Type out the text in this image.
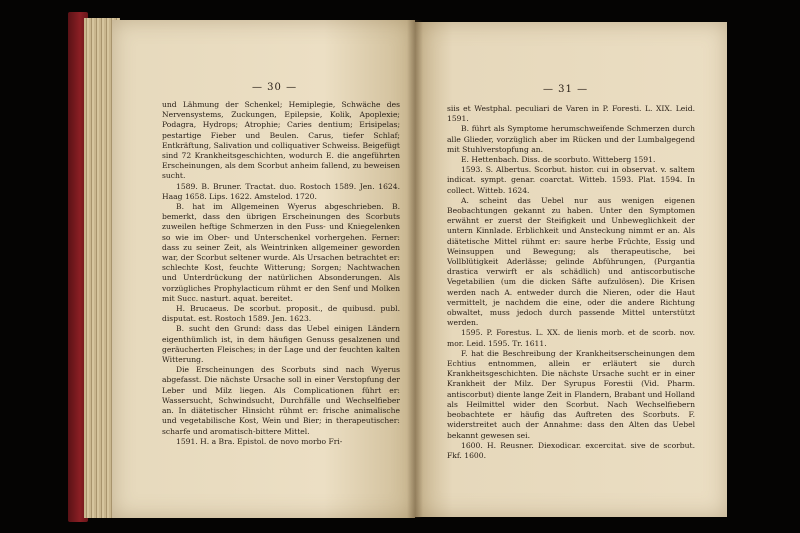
— 30 —

und Lähmung der Schenkel; Hemiplegie, Schwäche des Nervensystems, Zuckungen, Epilepsie, Kolik, Apoplexie; Podagra, Hydrops; Atrophie; Caries dentium; Erisipelas; pestartige Fieber und Beulen. Carus, tiefer Schlaf; Entkräftung, Salivation und colliquativer Schweiss. Beigefügt sind 72 Krankheitsgeschichten, wodurch E. die angeführten Erscheinungen, als dem Scorbut anheim fallend, zu beweisen sucht.

1589. B. Bruner. Tractat. duo. Rostoch 1589. Jen. 1624. Haag 1658. Lips. 1622. Amstelod. 1720.

B. hat im Allgemeinen Wyerus abgeschrieben. B. bemerkt, dass den übrigen Erscheinungen des Scorbuts zuweilen heftige Schmerzen in den Fuss- und Kniegelenken so wie im Ober- und Unterschenkel vorhergehen. Ferner: dass zu seiner Zeit, als Weintrinken allgemeiner geworden war, der Scorbut seltener wurde. Als Ursachen betrachtet er: schlechte Kost, feuchte Witterung; Sorgen; Nachtwachen und Unterdrückung der natürlichen Absonderungen. Als vorzügliches Prophylacticum rühmt er den Senf und Molken mit Succ. nasturt. aquat. bereitet.

H. Brucaeus. De scorbut. proposit., de quibusd. publ. disputat. est. Rostoch 1589. Jen. 1623.

B. sucht den Grund: dass das Uebel einigen Ländern eigenthümlich ist, in dem häufigen Genuss gesalzenen und geräucherten Fleisches; in der Lage und der feuchten kalten Witterung.

Die Erscheinungen des Scorbuts sind nach Wyerus abgefasst. Die nächste Ursache soll in einer Verstopfung der Leber und Milz liegen. Als Complicationen führt er: Wassersucht, Schwindsucht, Durchfälle und Wechselfieber an. In diätetischer Hinsicht rühmt er: frische animalische und vegetabilische Kost, Wein und Bier; in therapeutischer: scharfe und aromatisch-bittere Mittel.

1591. H. a Bra. Epistol. de novo morbo Fri-

— 31 —

siis et Westphal. peculiari de Varen in P. Foresti. L. XIX. Leid. 1591.

B. führt als Symptome herumschweifende Schmerzen durch alle Glieder, vorzüglich aber im Rücken und der Lumbalgegend mit Stuhlverstopfung an.

E. Hettenbach. Diss. de scorbuto. Witteberg 1591.

1593. S. Albertus. Scorbut. histor. cui in observat. v. saltem indicat. sympt. genar. coarctat. Witteb. 1593. Plat. 1594. In collect. Witteb. 1624.

A. scheint das Uebel nur aus wenigen eigenen Beobachtungen gekannt zu haben. Unter den Symptomen erwähnt er zuerst der Steifigkeit und Unbeweglichkeit der untern Kinnlade. Erblichkeit und Ansteckung nimmt er an. Als diätetische Mittel rühmt er: saure herbe Früchte, Essig und Weinsuppen und Bewegung; als therapeutische, bei Vollblütigkeit Aderlässe; gelinde Abführungen, (Purgantia drastica verwirft er als schädlich) und antiscorbutische Vegetabilien (um die dicken Säfte aufzulösen). Die Krisen werden nach A. entweder durch die Nieren, oder die Haut vermittelt, je nachdem die eine, oder die andere Richtung obwaltet, muss jedoch durch passende Mittel unterstützt werden.

1595. P. Forestus. L. XX. de lienis morb. et de scorb. nov. mor. Leid. 1595. Tr. 1611.

F. hat die Beschreibung der Krankheitserscheinungen dem Echtius entnommen, allein er erläutert sie durch Krankheitsgeschichten. Die nächste Ursache sucht er in einer Krankheit der Milz. Der Syrupus Forestii (Vid. Pharm. antiscorbut) diente lange Zeit in Flandern, Brabant und Holland als Heilmittel wider den Scorbut. Nach Wechselfiebern beobachtete er häufig das Auftreten des Scorbuts. F. widerstreitet auch der Annahme: dass den Alten das Uebel bekannt gewesen sei.

1600. H. Reusner. Diexodicar. excercitat. sive de scorbut. Fkf. 1600.
